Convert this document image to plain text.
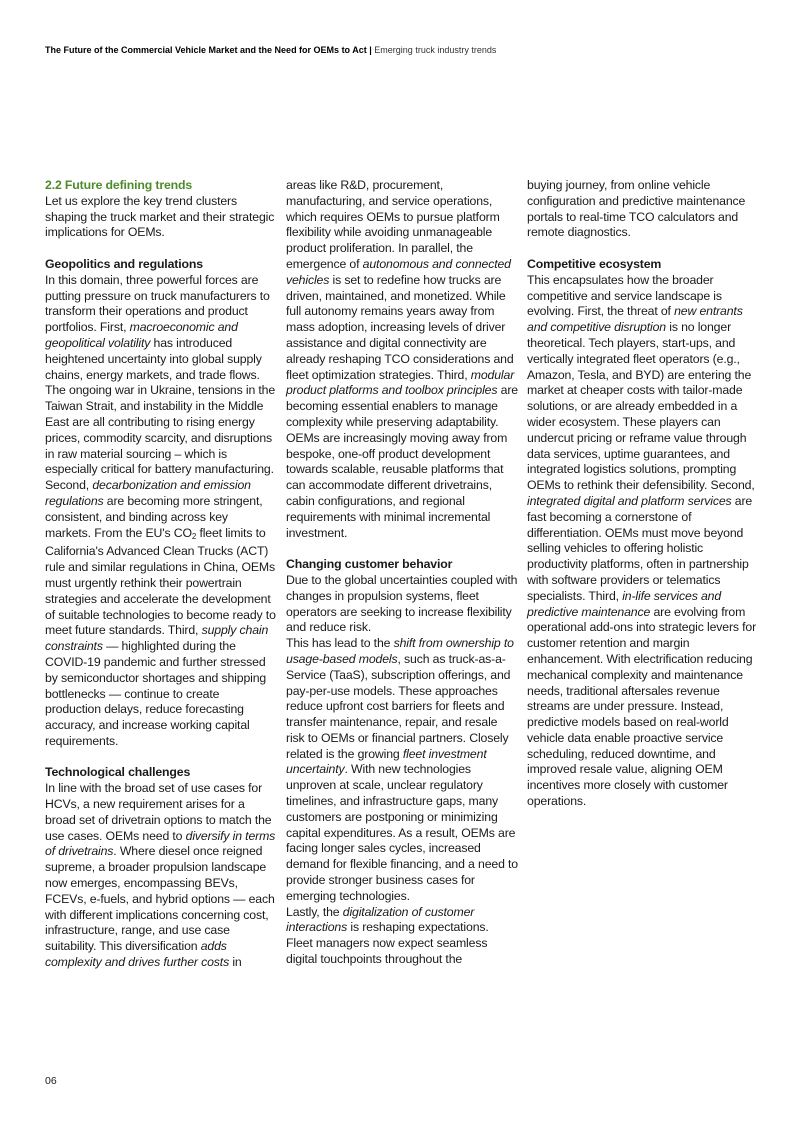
The Future of the Commercial Vehicle Market and the Need for OEMs to Act | Emerging truck industry trends
2.2 Future defining trends

Let us explore the key trend clusters shaping the truck market and their strategic implications for OEMs.

Geopolitics and regulations

In this domain, three powerful forces are putting pressure on truck manufacturers to transform their operations and product portfolios. First, macroeconomic and geopolitical volatility has introduced heightened uncertainty into global supply chains, energy markets, and trade flows. The ongoing war in Ukraine, tensions in the Taiwan Strait, and instability in the Middle East are all contributing to rising energy prices, commodity scarcity, and disruptions in raw material sourcing – which is especially critical for battery manufacturing. Second, decarbonization and emission regulations are becoming more stringent, consistent, and binding across key markets. From the EU's $CO_2$ fleet limits to California's Advanced Clean Trucks (ACT) rule and similar regulations in China, OEMs must urgently rethink their powertrain strategies and accelerate the development of suitable technologies to become ready to meet future standards. Third, supply chain constraints — highlighted during the COVID-19 pandemic and further stressed by semiconductor shortages and shipping bottlenecks — continue to create production delays, reduce forecasting accuracy, and increase working capital requirements.

Technological challenges

In line with the broad set of use cases for HCVs, a new requirement arises for a broad set of drivetrain options to match the use cases. OEMs need to diversify in terms of drivetrains. Where diesel once reigned supreme, a broader propulsion landscape now emerges, encompassing BEVs, FCEVs, e-fuels, and hybrid options — each with different implications concerning cost, infrastructure, range, and use case suitability. This diversification adds complexity and drives further costs in

areas like R&D, procurement, manufacturing, and service operations, which requires OEMs to pursue platform flexibility while avoiding unmanageable product proliferation. In parallel, the emergence of autonomous and connected vehicles is set to redefine how trucks are driven, maintained, and monetized. While full autonomy remains years away from mass adoption, increasing levels of driver assistance and digital connectivity are already reshaping TCO considerations and fleet optimization strategies. Third, modular product platforms and toolbox principles are becoming essential enablers to manage complexity while preserving adaptability. OEMs are increasingly moving away from bespoke, one-off product development towards scalable, reusable platforms that can accommodate different drivetrains, cabin configurations, and regional requirements with minimal incremental investment.

Changing customer behavior

Due to the global uncertainties coupled with changes in propulsion systems, fleet operators are seeking to increase flexibility and reduce risk.

This has lead to the shift from ownership to usage-based models, such as truck-as-a- Service (TaaS), subscription offerings, and pay-per-use models. These approaches reduce upfront cost barriers for fleets and transfer maintenance, repair, and resale risk to OEMs or financial partners. Closely related is the growing fleet investment uncertainty. With new technologies unproven at scale, unclear regulatory timelines, and infrastructure gaps, many customers are postponing or minimizing capital expenditures. As a result, OEMs are facing longer sales cycles, increased demand for flexible financing, and a need to provide stronger business cases for emerging technologies.

Lastly, the digitalization of customer interactions is reshaping expectations. Fleet managers now expect seamless digital touchpoints throughout the

buying journey, from online vehicle configuration and predictive maintenance portals to real-time TCO calculators and remote diagnostics.

Competitive ecosystem

This encapsulates how the broader competitive and service landscape is evolving. First, the threat of new entrants and competitive disruption is no longer theoretical. Tech players, start-ups, and vertically integrated fleet operators (e.g., Amazon, Tesla, and BYD) are entering the market at cheaper costs with tailor-made solutions, or are already embedded in a wider ecosystem. These players can undercut pricing or reframe value through data services, uptime guarantees, and integrated logistics solutions, prompting OEMs to rethink their defensibility. Second, integrated digital and platform services are fast becoming a cornerstone of differentiation. OEMs must move beyond selling vehicles to offering holistic productivity platforms, often in partnership with software providers or telematics specialists. Third, in-life services and predictive maintenance are evolving from operational add-ons into strategic levers for customer retention and margin enhancement. With electrification reducing mechanical complexity and maintenance needs, traditional aftersales revenue streams are under pressure. Instead, predictive models based on real-world vehicle data enable proactive service scheduling, reduced downtime, and improved resale value, aligning OEM incentives more closely with customer operations.

06
